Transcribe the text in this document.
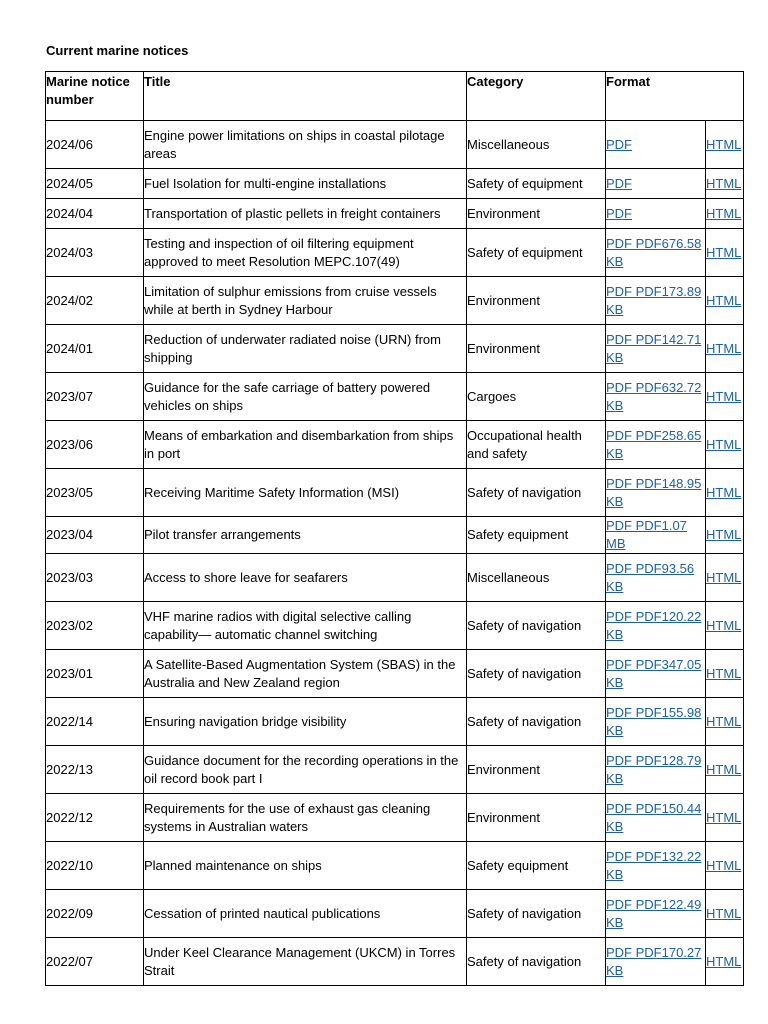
Current marine notices
Marine notice number	Title	Category	Format	
2024/06	Engine power limitations on ships in coastal pilotage areas	Miscellaneous	PDF	HTML
2024/05	Fuel Isolation for multi-engine installations	Safety of equipment	PDF	HTML
2024/04	Transportation of plastic pellets in freight containers	Environment	PDF	HTML
2024/03	Testing and inspection of oil filtering equipment approved to meet Resolution MEPC.107(49)	Safety of equipment	PDF PDF676.58 KB	HTML
2024/02	Limitation of sulphur emissions from cruise vessels while at berth in Sydney Harbour	Environment	PDF PDF173.89 KB	HTML
2024/01	Reduction of underwater radiated noise (URN) from shipping	Environment	PDF PDF142.71 KB	HTML
2023/07	Guidance for the safe carriage of battery powered vehicles on ships	Cargoes	PDF PDF632.72 KB	HTML
2023/06	Means of embarkation and disembarkation from ships in port	Occupational health and safety	PDF PDF258.65 KB	HTML
2023/05	Receiving Maritime Safety Information (MSI)	Safety of navigation	PDF PDF148.95 KB	HTML
2023/04	Pilot transfer arrangements	Safety equipment	PDF PDF1.07 MB	HTML
2023/03	Access to shore leave for seafarers	Miscellaneous	PDF PDF93.56 KB	HTML
2023/02	VHF marine radios with digital selective calling capability— automatic channel switching	Safety of navigation	PDF PDF120.22 KB	HTML
2023/01	A Satellite-Based Augmentation System (SBAS) in the Australia and New Zealand region	Safety of navigation	PDF PDF347.05 KB	HTML
2022/14	Ensuring navigation bridge visibility	Safety of navigation	PDF PDF155.98 KB	HTML
2022/13	Guidance document for the recording operations in the oil record book part I	Environment	PDF PDF128.79 KB	HTML
2022/12	Requirements for the use of exhaust gas cleaning systems in Australian waters	Environment	PDF PDF150.44 KB	HTML
2022/10	Planned maintenance on ships	Safety equipment	PDF PDF132.22 KB	HTML
2022/09	Cessation of printed nautical publications	Safety of navigation	PDF PDF122.49 KB	HTML
2022/07	Under Keel Clearance Management (UKCM) in Torres Strait	Safety of navigation	PDF PDF170.27 KB	HTML
